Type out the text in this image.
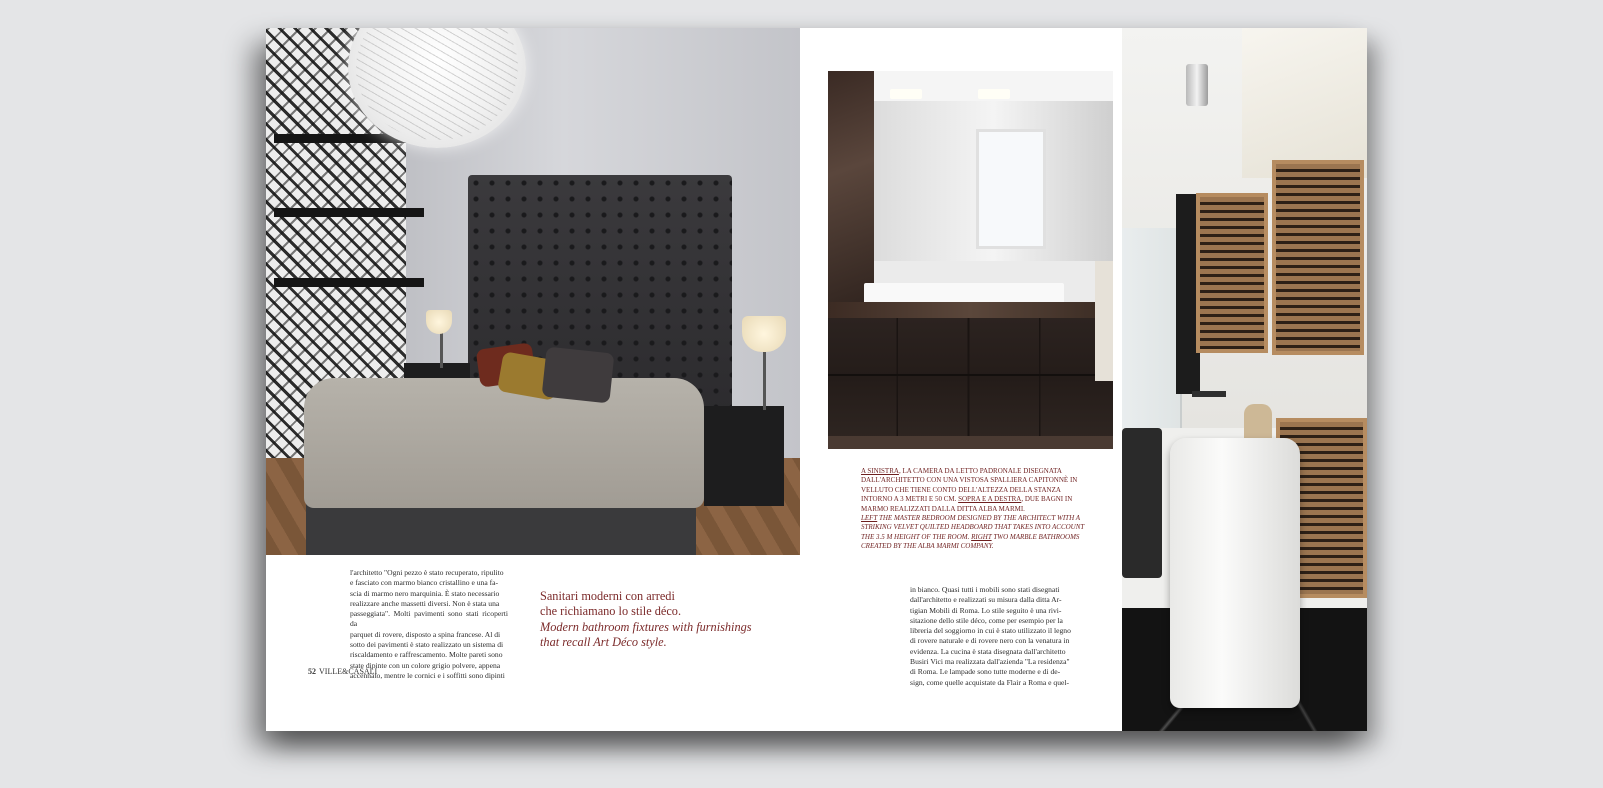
l'architetto "Ogni pezzo è stato recuperato, ripulito
e fasciato con marmo bianco cristallino e una fa-
scia di marmo nero marquinia. È stato necessario
realizzare anche massetti diversi. Non è stata una
passeggiata". Molti pavimenti sono stati ricoperti da
parquet di rovere, disposto a spina francese. Al di
sotto dei pavimenti è stato realizzato un sistema di
riscaldamento e raffrescamento. Molte pareti sono
state dipinte con un colore grigio polvere, appena
accennato, mentre le cornici e i soffitti sono dipinti
Sanitari moderni con arredi
che richiamano lo stile déco.
Modern bathroom fixtures with furnishings
that recall Art Déco style.
A SINISTRA, LA CAMERA DA LETTO PADRONALE DISEGNATA DALL'ARCHITETTO CON UNA VISTOSA SPALLIERA CAPITONNÈ IN VELLUTO CHE TIENE CONTO DELL'ALTEZZA DELLA STANZA INTORNO A 3 METRI E 50 CM. SOPRA E A DESTRA, DUE BAGNI IN MARMO REALIZZATI DALLA DITTA ALBA MARMI.
LEFT THE MASTER BEDROOM DESIGNED BY THE ARCHITECT WITH A STRIKING VELVET QUILTED HEADBOARD THAT TAKES INTO ACCOUNT THE 3.5 M HEIGHT OF THE ROOM. RIGHT TWO MARBLE BATHROOMS CREATED BY THE ALBA MARMI COMPANY.
in bianco. Quasi tutti i mobili sono stati disegnati
dall'architetto e realizzati su misura dalla ditta Ar-
tigian Mobili di Roma. Lo stile seguito è una rivi-
sitazione dello stile déco, come per esempio per la
libreria del soggiorno in cui è stato utilizzato il legno
di rovere naturale e di rovere nero con la venatura in
evidenza. La cucina è stata disegnata dall'architetto
Busiri Vici ma realizzata dall'azienda "La residenza"
di Roma. Le lampade sono tutte moderne e di de-
sign, come quelle acquistate da Flair a Roma e quel-
52 VILLE&CASALI
